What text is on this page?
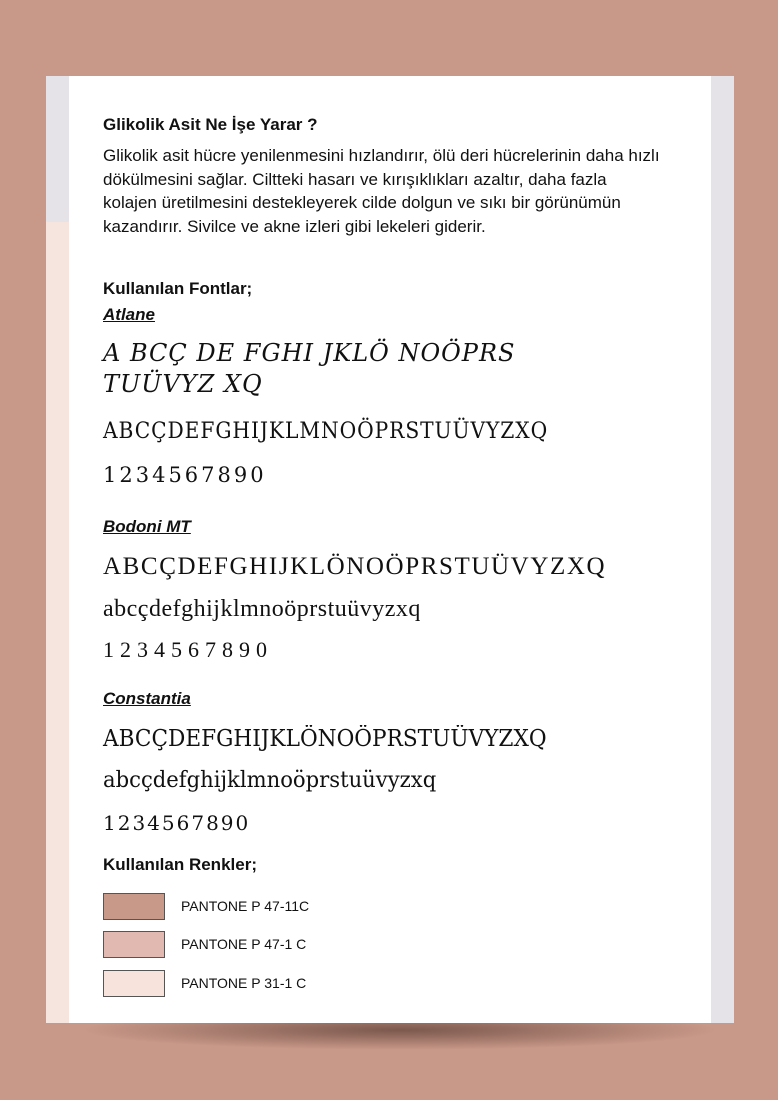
Glikolik Asit Ne İşe Yarar ?
Glikolik asit hücre yenilenmesini hızlandırır, ölü deri hücrelerinin daha hızlı dökülmesini sağlar. Ciltteki hasarı ve kırışıklıkları azaltır, daha fazla kolajen üretilmesini destekleyerek cilde dolgun ve sıkı bir görünümün kazandırır. Sivilce ve akne izleri gibi lekeleri giderir.
Kullanılan Fontlar;
Atlane
A BCÇ DE FGHI JKLÖ NOÖPRS TUÜVYZ XQ
ABCÇDEFGHIJKLMNOÖPRSTUÜVYZXQ
1234567890
Bodoni MT
ABCÇDEFGHIJKLÖNOÖPRSTUÜVYZXQ
abcçdefghijklmnoöprstuüvyzxq
1234567890
Constantia
ABCÇDEFGHIJKLÖNOÖPRSTUÜVYZXQ
abcçdefghijklmnoöprstuüvyzxq
1234567890
Kullanılan Renkler;
PANTONE P 47-11C
PANTONE P 47-1 C
PANTONE P 31-1 C
